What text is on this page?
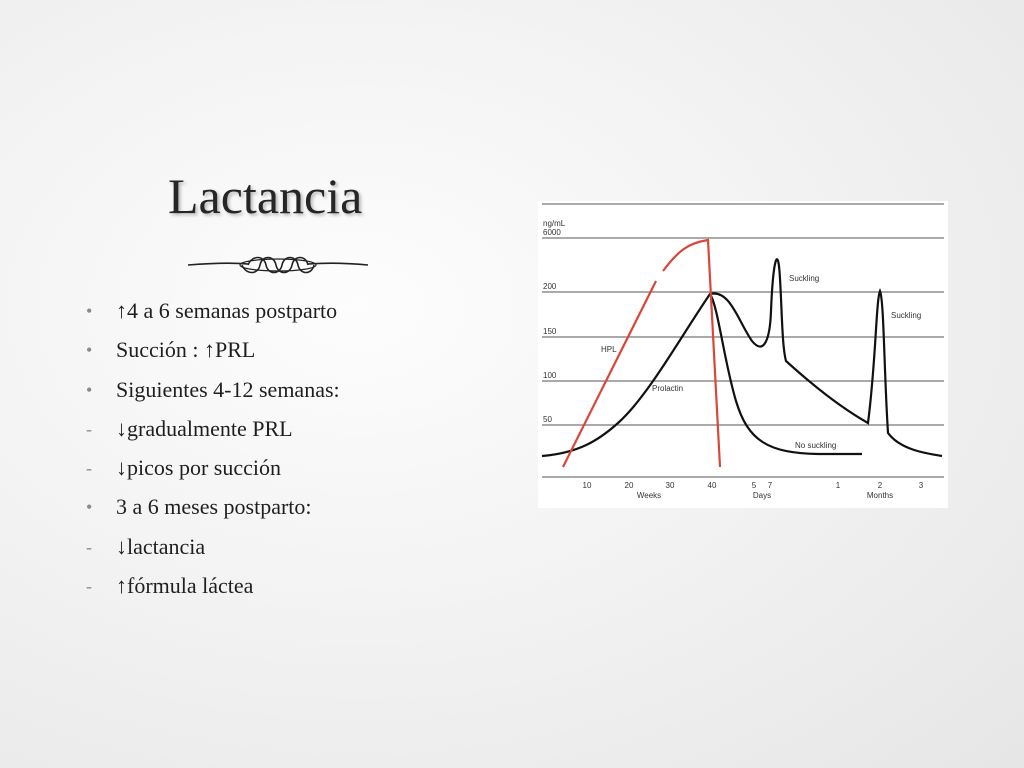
Lactancia
•	↑4 a 6 semanas postparto
•	Succión : ↑PRL
•	Siguientes 4-12 semanas:
-	↓gradualmente PRL
-	↓picos por succión
•	3 a 6 meses postparto:
-	↓lactancia
-	↑fórmula láctea
ng/mL
6000
200
150
100
50
10	20	30	40	5 7	1	2	3
Weeks	Days	Months
Suckling
Suckling
No suckling
Prolactin
HPL
